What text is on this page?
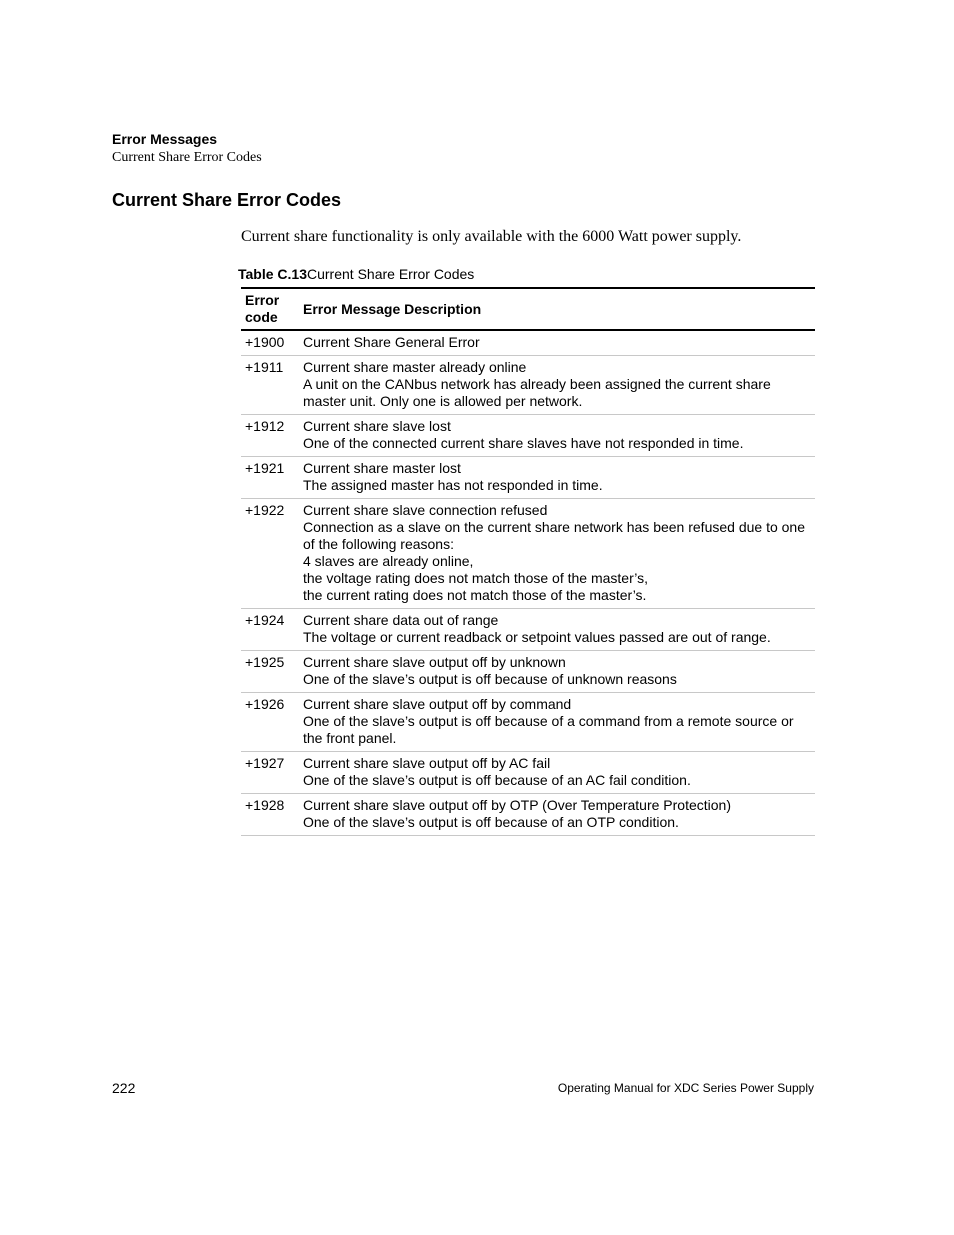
Error Messages
Current Share Error Codes
Current Share Error Codes
Current share functionality is only available with the 6000 Watt power supply.
Table C.13Current Share Error Codes
Error
code	Error Message Description
+1900	Current Share General Error

+1911	Current share master already online
A unit on the CANbus network has already been assigned the current share master unit. Only one is allowed per network.

+1912	Current share slave lost
One of the connected current share slaves have not responded in time.

+1921	Current share master lost
The assigned master has not responded in time.

+1922	Current share slave connection refused
Connection as a slave on the current share network has been refused due to one of the following reasons:
4 slaves are already online,
the voltage rating does not match those of the master’s,
the current rating does not match those of the master’s.

+1924	Current share data out of range
The voltage or current readback or setpoint values passed are out of range.

+1925	Current share slave output off by unknown
One of the slave’s output is off because of unknown reasons

+1926	Current share slave output off by command
One of the slave’s output is off because of a command from a remote source or the front panel.

+1927	Current share slave output off by AC fail
One of the slave’s output is off because of an AC fail condition.

+1928	Current share slave output off by OTP (Over Temperature Protection)
One of the slave’s output is off because of an OTP condition.
222	Operating Manual for XDC Series Power Supply
